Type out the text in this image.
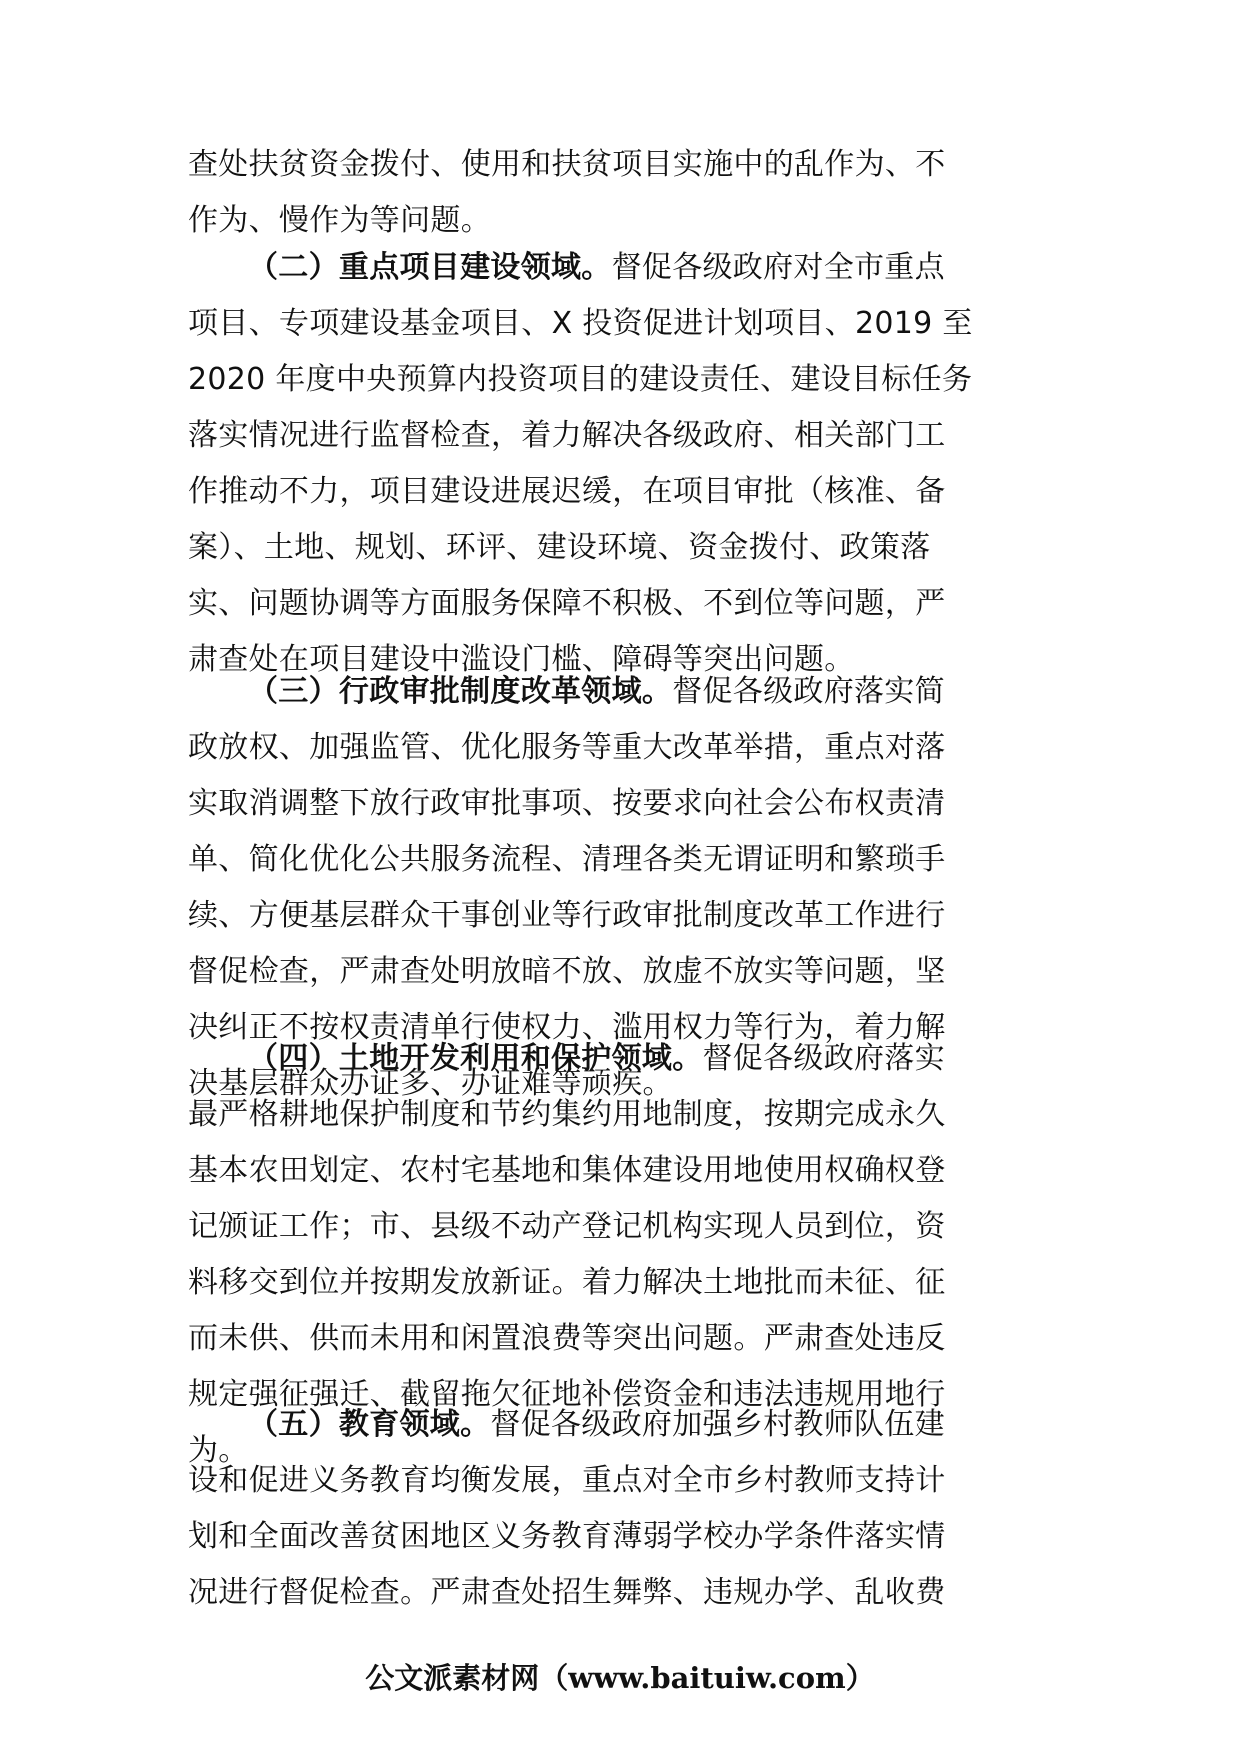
查处扶贫资金拨付、使用和扶贫项目实施中的乱作为、不
作为、慢作为等问题。
（二）重点项目建设领域。督促各级政府对全市重点
项目、专项建设基金项目、X 投资促进计划项目、2019 至
2020 年度中央预算内投资项目的建设责任、建设目标任务
落实情况进行监督检查，着力解决各级政府、相关部门工
作推动不力，项目建设进展迟缓，在项目审批（核准、备
案）、土地、规划、环评、建设环境、资金拨付、政策落
实、问题协调等方面服务保障不积极、不到位等问题，严
肃查处在项目建设中滥设门槛、障碍等突出问题。
（三）行政审批制度改革领域。督促各级政府落实简
政放权、加强监管、优化服务等重大改革举措，重点对落
实取消调整下放行政审批事项、按要求向社会公布权责清
单、简化优化公共服务流程、清理各类无谓证明和繁琐手
续、方便基层群众干事创业等行政审批制度改革工作进行
督促检查，严肃查处明放暗不放、放虚不放实等问题，坚
决纠正不按权责清单行使权力、滥用权力等行为，着力解
决基层群众办证多、办证难等顽疾。
（四）土地开发利用和保护领域。督促各级政府落实
最严格耕地保护制度和节约集约用地制度，按期完成永久
基本农田划定、农村宅基地和集体建设用地使用权确权登
记颁证工作；市、县级不动产登记机构实现人员到位，资
料移交到位并按期发放新证。着力解决土地批而未征、征
而未供、供而未用和闲置浪费等突出问题。严肃查处违反
规定强征强迁、截留拖欠征地补偿资金和违法违规用地行
为。
（五）教育领域。督促各级政府加强乡村教师队伍建
设和促进义务教育均衡发展，重点对全市乡村教师支持计
划和全面改善贫困地区义务教育薄弱学校办学条件落实情
况进行督促检查。严肃查处招生舞弊、违规办学、乱收费
公文派素材网（www.baituiw.com）
